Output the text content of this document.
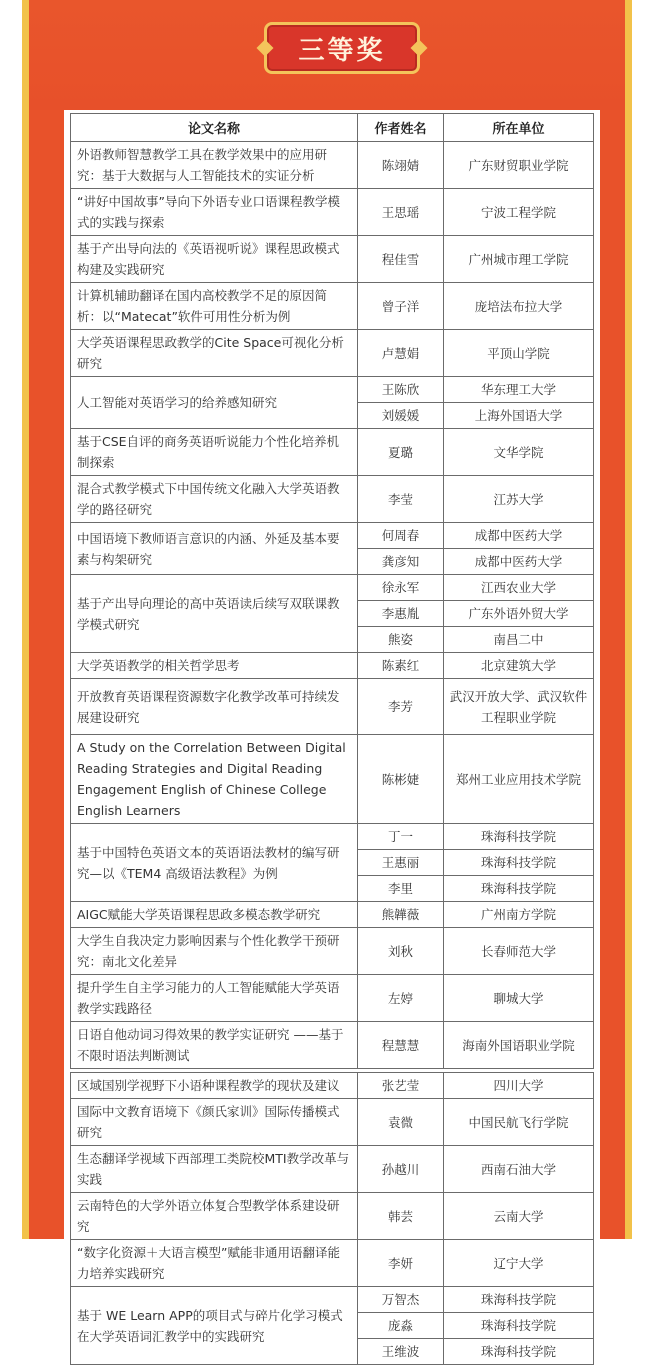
三等奖
论文名称	作者姓名	所在单位
外语教师智慧教学工具在教学效果中的应用研究：基于大数据与人工智能技术的实证分析	陈翊婧	广东财贸职业学院
“讲好中国故事”导向下外语专业口语课程教学模式的实践与探索	王思瑶	宁波工程学院
基于产出导向法的《英语视听说》课程思政模式构建及实践研究	程佳雪	广州城市理工学院
计算机辅助翻译在国内高校教学不足的原因简析：以“Matecat”软件可用性分析为例	曾子洋	庞培法布拉大学
大学英语课程思政教学的Cite Space可视化分析研究	卢慧娟	平顶山学院
人工智能对英语学习的给养感知研究	王陈欣	华东理工大学
	刘媛媛	上海外国语大学
基于CSE自评的商务英语听说能力个性化培养机制探索	夏璐	文华学院
混合式教学模式下中国传统文化融入大学英语教学的路径研究	李莹	江苏大学
中国语境下教师语言意识的内涵、外延及基本要素与构架研究	何周春	成都中医药大学
	龚彦知	成都中医药大学
基于产出导向理论的高中英语读后续写双联课教学模式研究	徐永军	江西农业大学
	李惠胤	广东外语外贸大学
	熊姿	南昌二中
大学英语教学的相关哲学思考	陈素红	北京建筑大学
开放教育英语课程资源数字化教学改革可持续发展建设研究	李芳	武汉开放大学、武汉软件工程职业学院
A Study on the Correlation Between Digital Reading Strategies and Digital Reading Engagement English of Chinese College English Learners	陈彬婕	郑州工业应用技术学院
基于中国特色英语文本的英语语法教材的编写研究—以《TEM4 高级语法教程》为例	丁一	珠海科技学院
	王惠丽	珠海科技学院
	李里	珠海科技学院
AIGC赋能大学英语课程思政多模态教学研究	熊韡薇	广州南方学院
大学生自我决定力影响因素与个性化教学干预研究：南北文化差异	刘秋	长春师范大学
提升学生自主学习能力的人工智能赋能大学英语教学实践路径	左婷	聊城大学
日语自他动词习得效果的教学实证研究 ——基于不限时语法判断测试	程慧慧	海南外国语职业学院

区域国别学视野下小语种课程教学的现状及建议	张艺莹	四川大学
国际中文教育语境下《颜氏家训》国际传播模式研究	袁微	中国民航飞行学院
生态翻译学视域下西部理工类院校MTI教学改革与实践	孙越川	西南石油大学
云南特色的大学外语立体复合型教学体系建设研究	韩芸	云南大学
“数字化资源＋大语言模型”赋能非通用语翻译能力培养实践研究	李妍	辽宁大学
基于 WE Learn APP的项目式与碎片化学习模式在大学英语词汇教学中的实践研究	万智杰	珠海科技学院
	庞淼	珠海科技学院
	王维波	珠海科技学院
